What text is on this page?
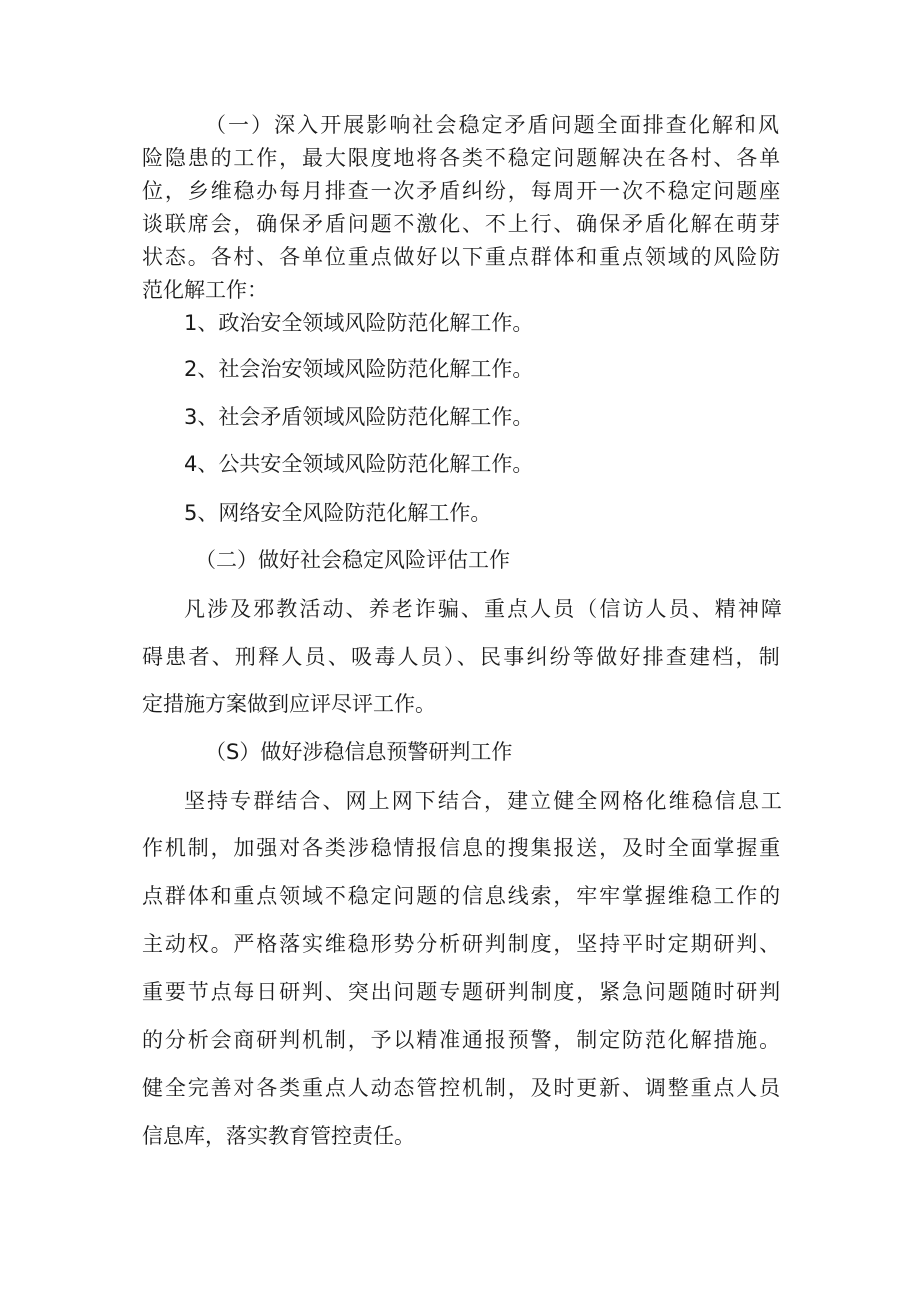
（一）深入开展影响社会稳定矛盾问题全面排查化解和风
险隐患的工作，最大限度地将各类不稳定问题解决在各村、各单
位，乡维稳办每月排查一次矛盾纠纷，每周开一次不稳定问题座
谈联席会，确保矛盾问题不激化、不上行、确保矛盾化解在萌芽
状态。各村、各单位重点做好以下重点群体和重点领域的风险防
范化解工作：
1、政治安全领域风险防范化解工作。
2、社会治安领域风险防范化解工作。
3、社会矛盾领域风险防范化解工作。
4、公共安全领域风险防范化解工作。
5、网络安全风险防范化解工作。
（二）做好社会稳定风险评估工作
凡涉及邪教活动、养老诈骗、重点人员（信访人员、精神障
碍患者、刑释人员、吸毒人员）、民事纠纷等做好排查建档，制
定措施方案做到应评尽评工作。
（S）做好涉稳信息预警研判工作
坚持专群结合、网上网下结合，建立健全网格化维稳信息工
作机制，加强对各类涉稳情报信息的搜集报送，及时全面掌握重
点群体和重点领域不稳定问题的信息线索，牢牢掌握维稳工作的
主动权。严格落实维稳形势分析研判制度，坚持平时定期研判、
重要节点每日研判、突出问题专题研判制度，紧急问题随时研判
的分析会商研判机制，予以精准通报预警，制定防范化解措施。
健全完善对各类重点人动态管控机制，及时更新、调整重点人员
信息库，落实教育管控责任。
